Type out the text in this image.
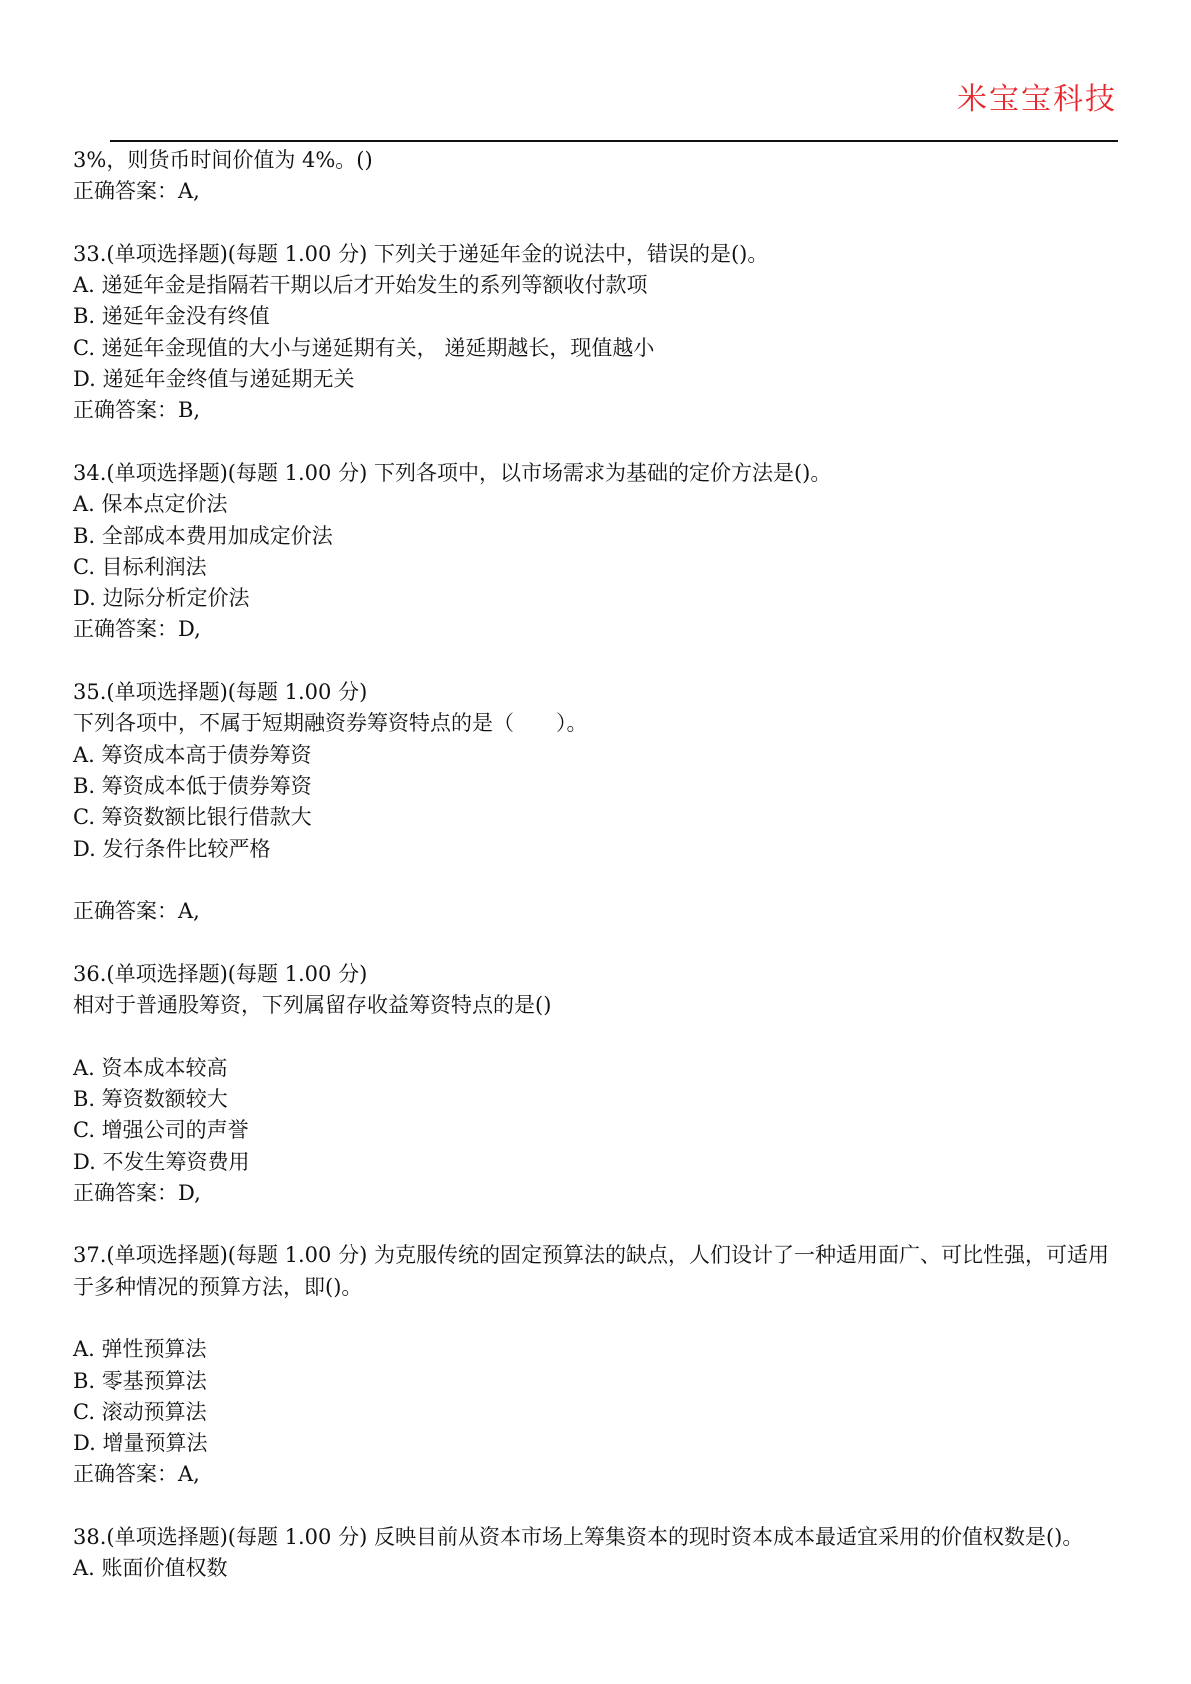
米宝宝科技
3%，则货币时间价值为 4%。()
正确答案：A,
33.(单项选择题)(每题 1.00 分) 下列关于递延年金的说法中，错误的是()。
A. 递延年金是指隔若干期以后才开始发生的系列等额收付款项
B. 递延年金没有终值
C. 递延年金现值的大小与递延期有关， 递延期越长，现值越小
D. 递延年金终值与递延期无关
正确答案：B,
34.(单项选择题)(每题 1.00 分) 下列各项中，以市场需求为基础的定价方法是()。
A. 保本点定价法
B. 全部成本费用加成定价法
C. 目标利润法
D. 边际分析定价法
正确答案：D,
35.(单项选择题)(每题 1.00 分)
下列各项中，不属于短期融资券筹资特点的是（　　）。
A. 筹资成本高于债券筹资
B. 筹资成本低于债券筹资
C. 筹资数额比银行借款大
D. 发行条件比较严格
正确答案：A,
36.(单项选择题)(每题 1.00 分)
相对于普通股筹资，下列属留存收益筹资特点的是()
A. 资本成本较高
B. 筹资数额较大
C. 增强公司的声誉
D. 不发生筹资费用
正确答案：D,
37.(单项选择题)(每题 1.00 分) 为克服传统的固定预算法的缺点，人们设计了一种适用面广、可比性强，可适用于多种情况的预算方法，即()。
A. 弹性预算法
B. 零基预算法
C. 滚动预算法
D. 增量预算法
正确答案：A,
38.(单项选择题)(每题 1.00 分) 反映目前从资本市场上筹集资本的现时资本成本最适宜采用的价值权数是()。
A. 账面价值权数
